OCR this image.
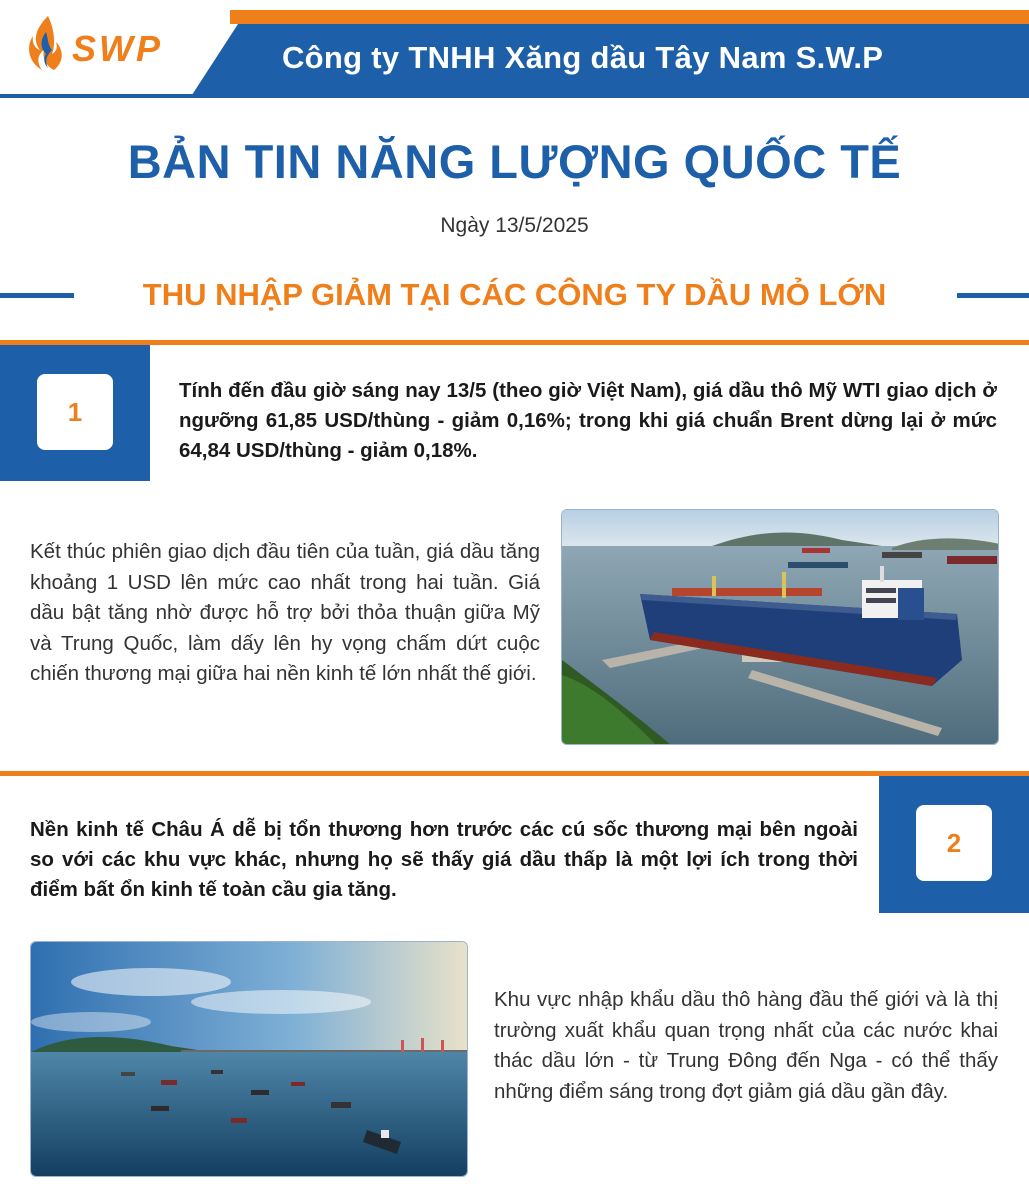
SWP	Công ty TNHH Xăng dầu Tây Nam S.W.P
BẢN TIN NĂNG LƯỢNG QUỐC TẾ
Ngày 13/5/2025
THU NHẬP GIẢM TẠI CÁC CÔNG TY DẦU MỎ LỚN
1

Tính đến đầu giờ sáng nay 13/5 (theo giờ Việt Nam), giá dầu thô Mỹ WTI giao dịch ở ngưỡng 61,85 USD/thùng - giảm 0,16%; trong khi giá chuẩn Brent dừng lại ở mức 64,84 USD/thùng - giảm 0,18%.

Kết thúc phiên giao dịch đầu tiên của tuần, giá dầu tăng khoảng 1 USD lên mức cao nhất trong hai tuần. Giá dầu bật tăng nhờ được hỗ trợ bởi thỏa thuận giữa Mỹ và Trung Quốc, làm dấy lên hy vọng chấm dứt cuộc chiến thương mại giữa hai nền kinh tế lớn nhất thế giới.

2

Nền kinh tế Châu Á dễ bị tổn thương hơn trước các cú sốc thương mại bên ngoài so với các khu vực khác, nhưng họ sẽ thấy giá dầu thấp là một lợi ích trong thời điểm bất ổn kinh tế toàn cầu gia tăng.

Khu vực nhập khẩu dầu thô hàng đầu thế giới và là thị trường xuất khẩu quan trọng nhất của các nước khai thác dầu lớn - từ Trung Đông đến Nga - có thể thấy những điểm sáng trong đợt giảm giá dầu gần đây.
